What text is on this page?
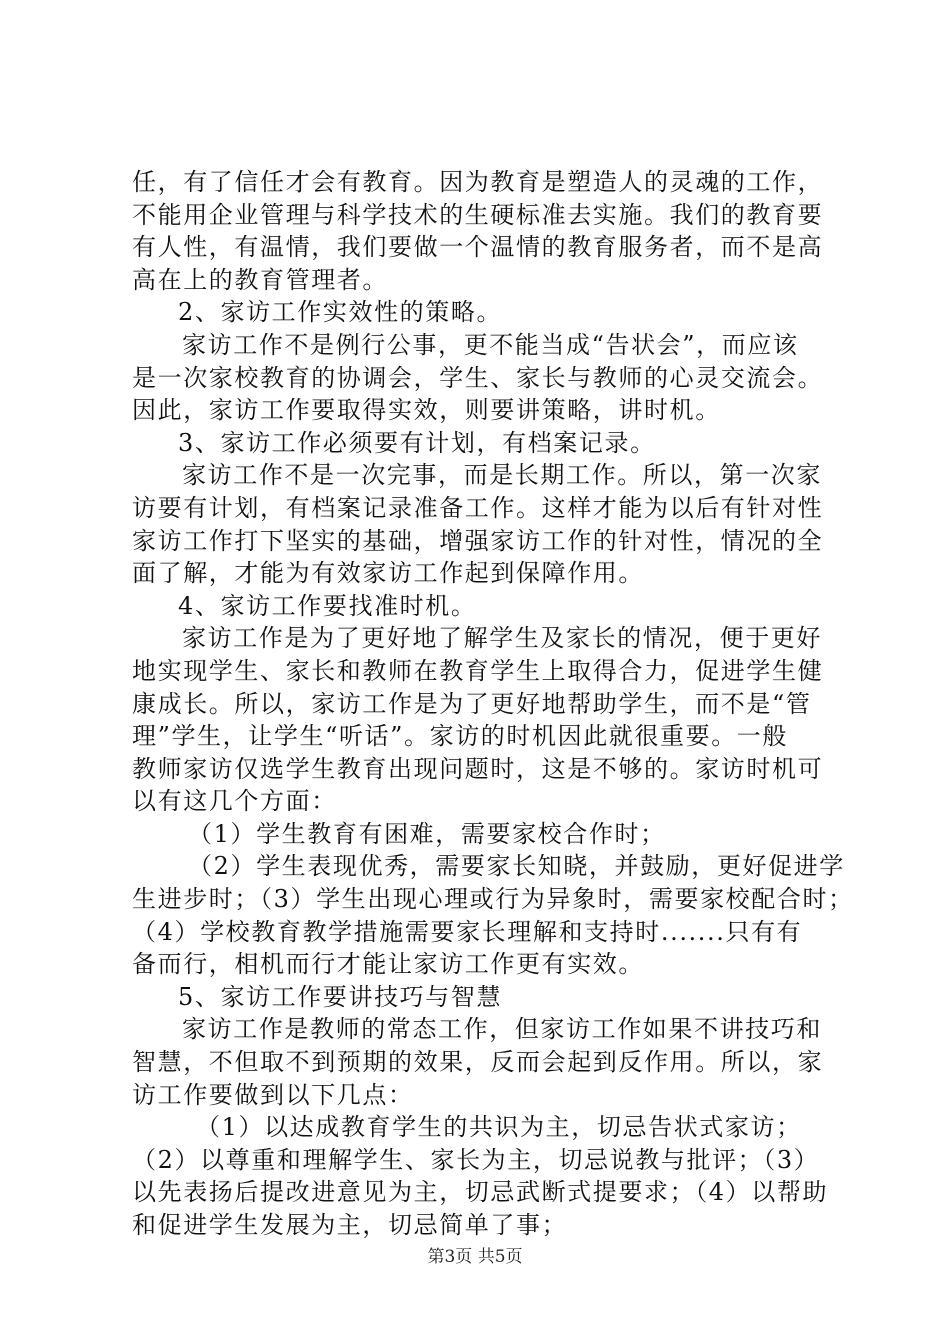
任，有了信任才会有教育。因为教育是塑造人的灵魂的工作，

不能用企业管理与科学技术的生硬标准去实施。我们的教育要

有人性，有温情，我们要做一个温情的教育服务者，而不是高

高在上的教育管理者。

2、家访工作实效性的策略。

家访工作不是例行公事，更不能当成“告状会”，而应该

是一次家校教育的协调会，学生、家长与教师的心灵交流会。

因此，家访工作要取得实效，则要讲策略，讲时机。

3、家访工作必须要有计划，有档案记录。

家访工作不是一次完事，而是长期工作。所以，第一次家

访要有计划，有档案记录准备工作。这样才能为以后有针对性

家访工作打下坚实的基础，增强家访工作的针对性，情况的全

面了解，才能为有效家访工作起到保障作用。

4、家访工作要找准时机。

家访工作是为了更好地了解学生及家长的情况，便于更好

地实现学生、家长和教师在教育学生上取得合力，促进学生健

康成长。所以，家访工作是为了更好地帮助学生，而不是“管

理”学生，让学生“听话”。家访的时机因此就很重要。一般

教师家访仅选学生教育出现问题时，这是不够的。家访时机可

以有这几个方面：

（1）学生教育有困难，需要家校合作时；

（2）学生表现优秀，需要家长知晓，并鼓励，更好促进学

生进步时；（3）学生出现心理或行为异象时，需要家校配合时；

（4）学校教育教学措施需要家长理解和支持时.......只有有

备而行，相机而行才能让家访工作更有实效。

5、家访工作要讲技巧与智慧

家访工作是教师的常态工作，但家访工作如果不讲技巧和

智慧，不但取不到预期的效果，反而会起到反作用。所以，家

访工作要做到以下几点：

（1）以达成教育学生的共识为主，切忌告状式家访；

（2）以尊重和理解学生、家长为主，切忌说教与批评；（3）

以先表扬后提改进意见为主，切忌武断式提要求；（4）以帮助

和促进学生发展为主，切忌简单了事；

第3页 共5页
